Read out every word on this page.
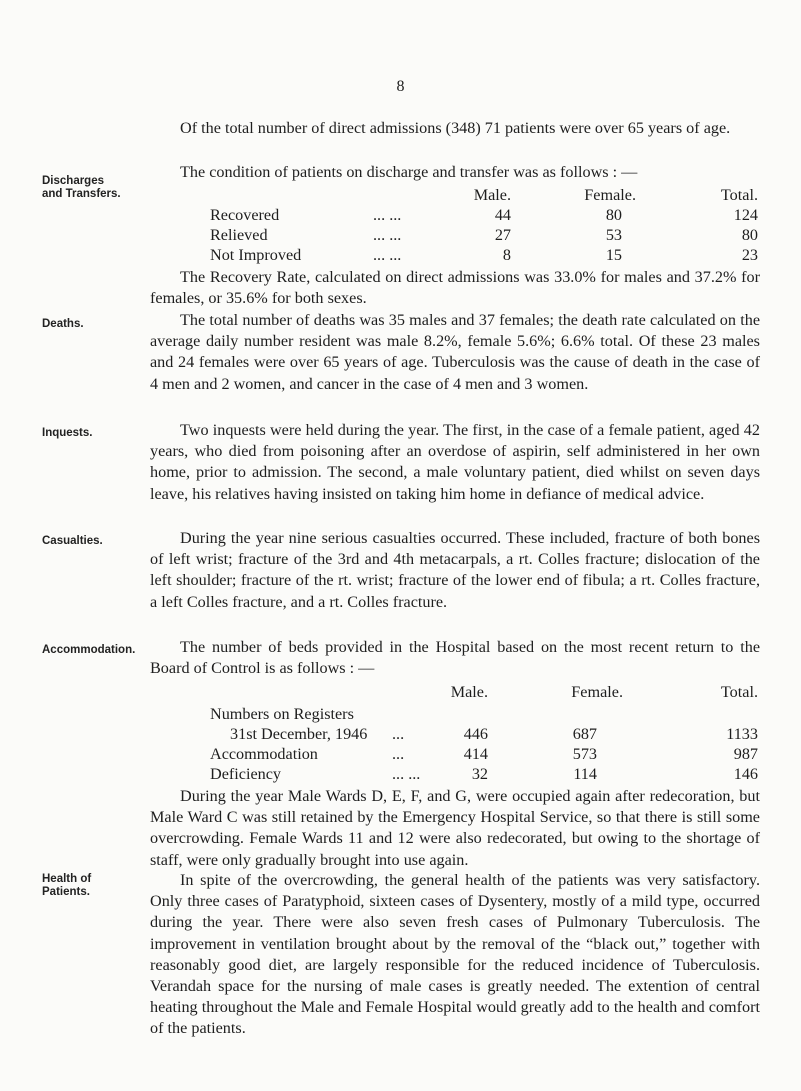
8

Of the total number of direct admissions (348) 71 patients were over 65 years of age.

Discharges and Transfers.

The condition of patients on discharge and transfer was as follows : —

		Male.	Female.	Total.
Recovered	... ...	44	80	124
Relieved	... ...	27	53	80
Not Improved	... ...	8	15	23

The Recovery Rate, calculated on direct admissions was 33.0% for males and 37.2% for females, or 35.6% for both sexes.

Deaths.	The total number of deaths was 35 males and 37 females; the death rate calculated on the average daily number resident was male 8.2%, female 5.6%; 6.6% total. Of these 23 males and 24 females were over 65 years of age. Tuberculosis was the cause of death in the case of 4 men and 2 women, and cancer in the case of 4 men and 3 women.

Inquests.	Two inquests were held during the year. The first, in the case of a female patient, aged 42 years, who died from poisoning after an overdose of aspirin, self administered in her own home, prior to admission. The second, a male voluntary patient, died whilst on seven days leave, his relatives having insisted on taking him home in defiance of medical advice.

Casualties.	During the year nine serious casualties occurred. These included, fracture of both bones of left wrist; fracture of the 3rd and 4th metacarpals, a rt. Colles fracture; dislocation of the left shoulder; fracture of the rt. wrist; fracture of the lower end of fibula; a rt. Colles fracture, a left Colles fracture, and a rt. Colles fracture.

Accommodation.	The number of beds provided in the Hospital based on the most recent return to the Board of Control is as follows : —

		Male.	Female.	Total.
Numbers on Registers				
31st December, 1946	...	446	687	1133
Accommodation	...	414	573	987
Deficiency	... ...	32	114	146

During the year Male Wards D, E, F, and G, were occupied again after redecoration, but Male Ward C was still retained by the Emergency Hospital Service, so that there is still some overcrowding. Female Wards 11 and 12 were also redecorated, but owing to the shortage of staff, were only gradually brought into use again.

Health of Patients.

In spite of the overcrowding, the general health of the patients was very satisfactory. Only three cases of Paratyphoid, sixteen cases of Dysentery, mostly of a mild type, occurred during the year. There were also seven fresh cases of Pulmonary Tuberculosis. The improvement in ventilation brought about by the removal of the “black out,” together with reasonably good diet, are largely responsible for the reduced incidence of Tuberculosis. Verandah space for the nursing of male cases is greatly needed. The extention of central heating throughout the Male and Female Hospital would greatly add to the health and comfort of the patients.
